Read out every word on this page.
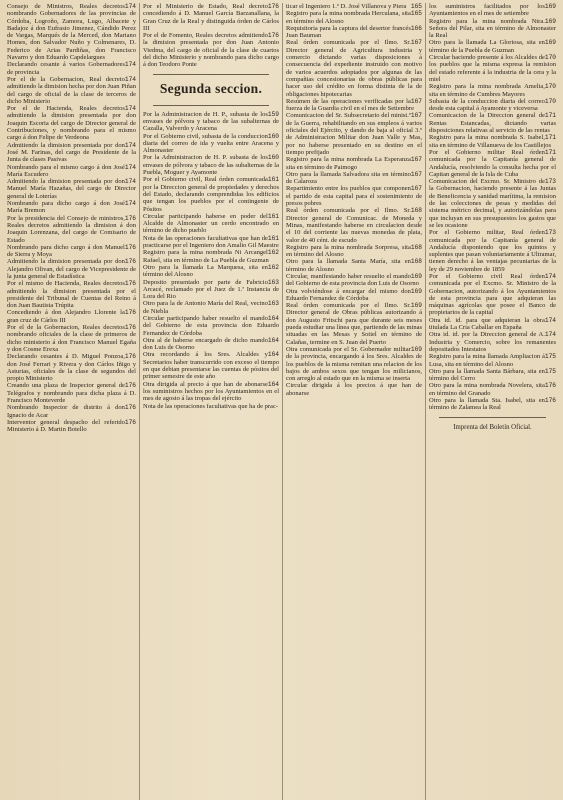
174
Consejo de Ministros, Reales decretos nombrando Gobernadores de las provincias de Córdoba, Logroño, Zamora, Lugo, Albacete y Badajoz á don Eufrasio Jimenez, Cándido Perez de Vargas, Marqués de la Merced, don Mariano Homes, don Salvador Nuño y Colmenares, D. Federico de Arias Pardiñas, don Francisco Navarro y don Eduardo Capdelargues

174
Declarando cesante á varios Gobernadores de provincia

174
Por el de la Gobernacion, Real decreto admitiendo la dimision hecha por don Juan Piñan del cargo de oficial de la clase de terceros de dicho Ministerio

174
Por el de Hacienda, Reales decretos admitiendo la dimision presentada por don Joaquin Escoria del cargo de Director general de Contribuciones, y nombrando para el mismo cargo á don Felipe de Verdeona

174
Admitiendo la dimision presentada por don José M. Farinas, del cargo de Presidente de la Junta de clases Pasivas

174
Nombrando para el mismo cargo á don José María Escudero

174
Admitiendo la dimision presentada por don Manuel María Hazañas, del cargo de Director general de Loterías

174
Nombrando para dicho cargo á don José María Bremon

176
Por la presidencia del Consejo de ministros, Reales decretos admitiendo la dimision á don Joaquin Lorenzana, del cargo de Comisario de Estado

176
Nombrando para dicho cargo á don Manuel de Sierra y Moya

176
Admitiendo la dimision presentada por don Alejandro Olivan, del cargo de Vicepresidente de la junta general de Estadística

176
Por el mismo de Hacienda, Reales decretos admitiendo la dimision presentada por el presidente del Tribunal de Cuentas del Reino á don Juan Bautista Trúpita

176
Concediendo á don Alejandro Llorente la gran cruz de Cárlos III

176
Por el de la Gobernacion, Reales decretos nombrando oficiales de la clase de primeros de dicho ministerio á don Francisco Manuel Egaña y don Cosme Erexa

176
Declarando cesantes á D. Miguel Ponzoa, don José Ferrari y Rivera y don Cárlos Iñigo y Asturias, oficiales de la clase de segundos del propio Ministerio

176
Creando una plaza de Inspector general de Telégrafos y nombrando para dicha plaza á D. Francisco Monteverde

176
Nombrando Inspector de distrito á don Ignacio de Acar

176
Interventor general despacho del referido Ministerio á D. Martin Botello

176
Por el Ministerio de Estado, Real decreto concediendo á D. Manuel García Barzanallana, la Gran Cruz de la Real y distinguida órden de Cárlos III

176
Por el de Fomento, Reales decretos admitiendo la dimision presentada por don Juan Antonio Viedma, del cargo de oficial de la clase de cuartos del dicho Ministerio y nombrando para dicho cargo á don Teodoro Ponte

Segunda seccion.

159
Por la Administracion de H. P., subasta de los envases de pólvora y tabaco de las subalternas de Cazalla, Valverdo y Aracena

160
Por el Gobierno civil, subasta de la conduccion diaria del correo de ida y vuelta entre Aracena y Almonaster

160
Por la Administracion de H. P. subasta de los envases de pólvora y tabaco de las subalternas de la Puebla, Moguer y Ayamonte

161
Por el Gobierno civil, Real órden comunicada por la Direccion general de propiedades y derechos del Estado, declarando comprendidas los edificios que tengan los pueblos por el contingente de Pósitos

161
Circular participando haberse en poder del Alcalde de Almonaster un cerdo encontrado en término de dicho pueblo

161
Nota de las operaciones facultativas que han de practicarse por el Ingeniero don Amalio Gil Maestre

162
Registro para la mina nombrada Ni Arcangel Rafael, sita en término de La Puebla de Guzman

162
Otro para la llamada La Marquesa, sita en término del Alosno

163
Deposito presentado por parte de Fabricio Arcacé, reclamado por el Juez de 1.ª Instancia de Lora del Rio

163
Otro para la de Antonio María del Real, vecino de Niebla

164
Circular participando haber resuelto el mando del Gobierno de esta provincia don Eduardo Fernandez de Córdoba

164
Otra al de haberse encargado de dicho mando don Luis de Osorno

164
Otra recordando á los Sres. Alcaldes y Secretarios haber transcurrido con exceso el tiempo en que debian presentarse las cuentas de pósitos del primer semestre de este año

164
Otra dirigida al precio á que han de abonarse los suministros hechos por los Ayuntamientos en el mes de agosto á las tropas del ejército

Nota de las operaciones facultativas que ha de prac-

165
ticar el Ingeniero 1.º D. José Villanova y Piera

165
Registro para la mina nombrada Herculana, sita en término del Alosno

166
Requisitoria para la captura del desertor francés Juan Bauman

167
Real órden comunicada por el Ilmo. Sr. Director general de Agricultura industria y comercio dictando varias disposiciones á consecuencia del expediente instruido con motivo de varios acuerdos adoptados por algunas de las compañias concesionarias de obras públicas para hacer uso del crédito en forma distinta de la de obligaciones hipotecarias

167
Resúmen de las operaciones verificadas por la fuerza de la Guardia civil en el mes de Setiembre

167
Comunicacion del Sr. Subsecretario del minist.º de la Guerra, rehabilitando en sus empleos á varios oficiales del Ejército, y dando de baja al oficial 3.º de Administracion Militar don Juan Valle y Mas, por no haberse presentado en su destino en el tiempo prefijado

167
Registro para la mina nombrada La Esperanza sita en término de Paimogo

167
Otro para la llamada Salvadora sita en término de Calaroza

167
Repartimiento entre los pueblos que componen el partido de esta capital para el sostenimiento de presos pobres

168
Real órden comunicada por el Ilmo. Sr. Director general de Comunicac. de Moneda y Minas, manifestando haberse en circulacion desde el 10 del corriente las nuevas monedas de plata, valor de 40 cént. de escudo

168
Registro para la mina nombrada Sorpresa, sita en término del Alosno

168
Otro para la llamada Santa María, sita en término de Alosno

169
Circular, manifestando haber resuelto el mando del Gobierno de esta provincia don Luis de Osorno

169
Otra volviéndose á encargar del mismo don Eduardo Fernandez de Córdoba

169
Real órden comunicada por el Ilmo. Sr. Director general de Obras públicas autorizando á don Augusto Fritschi para que durante seis meses pueda estudiar una línea que, partiendo de las minas situadas en las Mesas y Sotiel en término de Calañas, termine en S. Juan del Puerto

169
Otra comunicada por el Sr. Gobernador militar de la provincia, encargando á los Sres. Alcaldes de los pueblos de la misma remitan una relacion de los bajos de ambos sexos que tengan los milicianos, con arreglo al estado que en la misma se inserta

Circular dirigida á los precios á que han de abonarse

169
los suministros facilitados por los Ayuntamientos en el mes de setiembre

169
Registro para la mina nombrada Ntra. Señora del Pilar, sita en término de Almonaster la Real

169
Otro para la llamada La Gloriosa, sita en término de la Puebla de Guzman

170
Circular haciendo presente á los Alcaldes de los pueblos que la misma expresa la remision del estado referente á la industria de la cera y la miel

170
Registro para la mina nombrada Amelia, sita en término de Cumbres Mayores

170
Subasta de la conduccion diaria del correo desde esta capital á Ayamonte y viceversa

171
Comunicacion de la Direccion general de Rentas Estancadas, dictando varias disposiciones relativas al servicio de las rentas

171
Registro para la mina nombrada S. Isabel, sita en término de Villanueva de los Castillejos

171
Por el Gobierno militar Real órden comunicada por la Capitanía general de Andalucía, resolviendo la consulta hecha por el Capitan general de la Isla de Cuba

173
Comunicacion del Excmo. Sr. Ministro de la Gobernacion, haciendo presente á las Juntas de Beneficencia y sanidad marítima, la remision de las colecciones de pesas y medidas del sistema métrico decimal, y autorizándolas para que incluyan en sus presupuestos los gastos que se les ocasione

173
Por el Gobierno militar, Real órden comunicada por la Capitanía general de Andalucía disponiendo que los quintos y suplentes que pasan voluntariamente á Ultramar, tienen derecho á las ventajas pecuniarias de la ley de 29 noviembre de 1859

174
Por el Gobierno civil Real órden comunicada por el Excmo. Sr. Ministro de la Gobernacion, autorizando á los Ayuntamientos de esta provincia para que adquieran las máquinas agrícolas que posee el Banco de propietarios de la capital

174
Otra id. id. para que adquieran la obra titulada La Cria Caballar en España

174
Otra id. id. por la Direccion general de A. Industria y Comercio, sobre los remanentes depositados Intestatos

175
Registro para la mina llamada Ampliacion á Lusa, sita en término del Alosno

175
Otro para la llamada Santa Bárbara, sita en término del Cerro

176
Otro para la mina nombrada Novelera, sita en término del Granado

176
Otro para la llamada Sta. Isabel, sita en término de Zalamea la Real

Imprenta del Boletín Oficial.
